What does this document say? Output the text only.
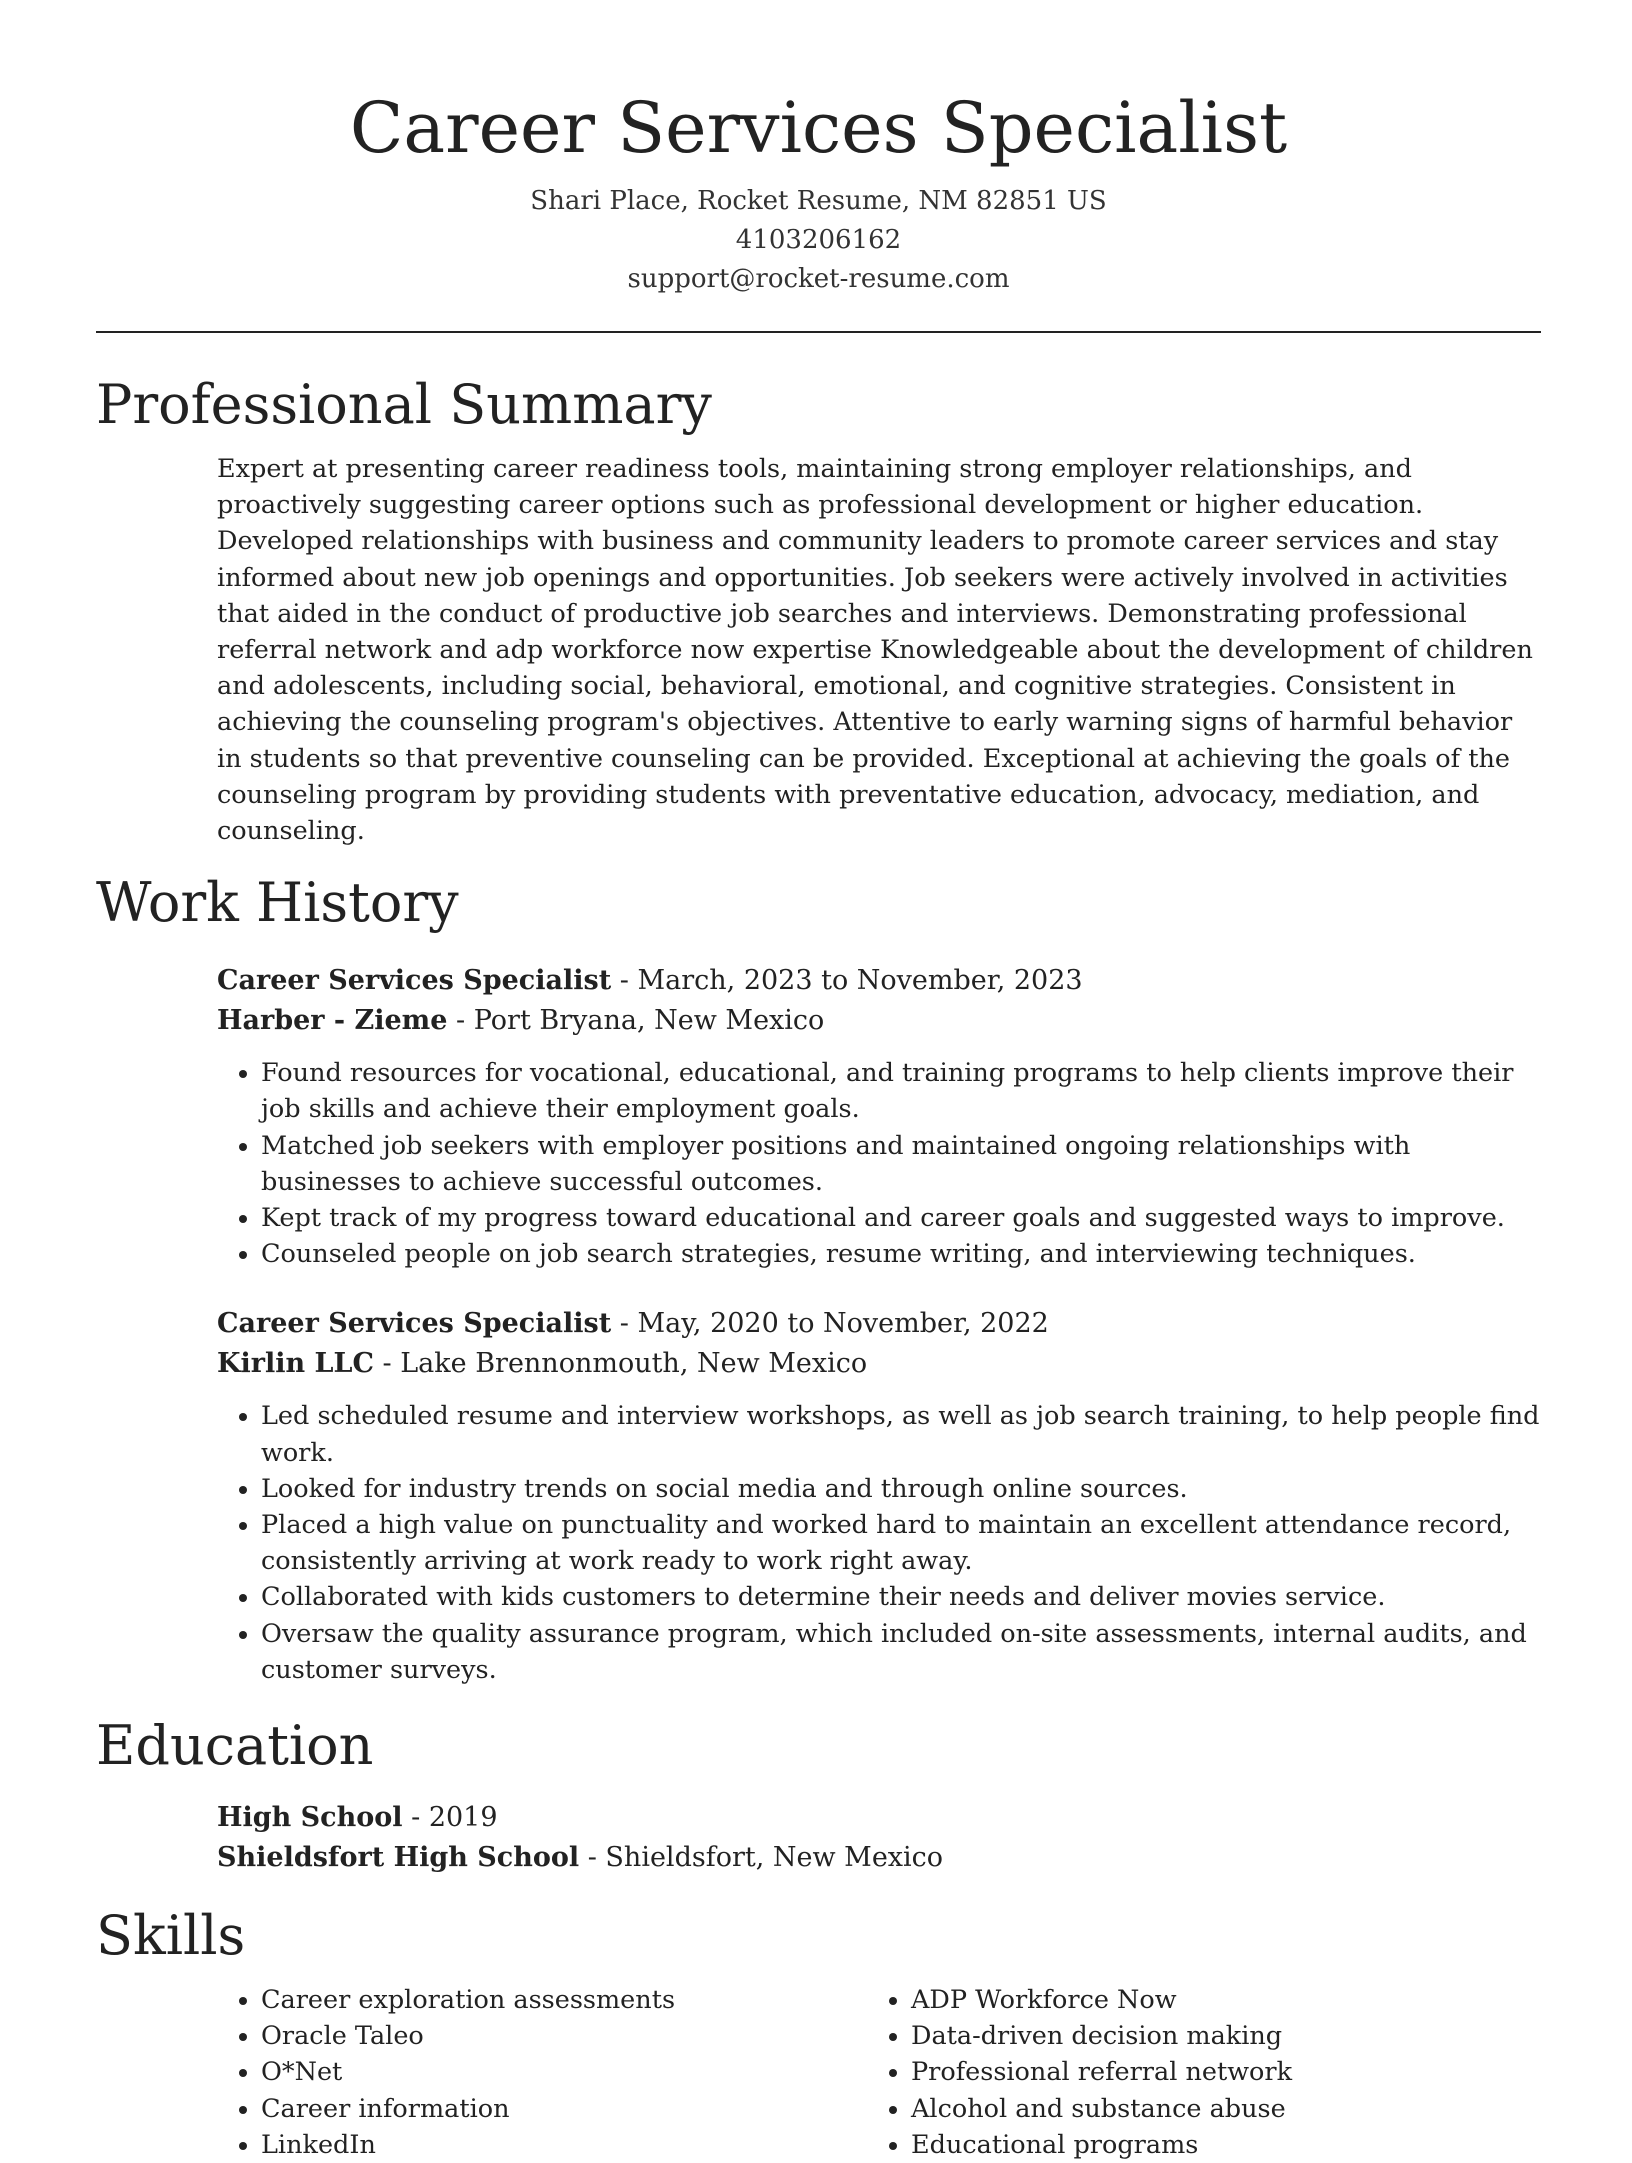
Career Services Specialist
Shari Place, Rocket Resume, NM 82851 US
4103206162
support@rocket-resume.com
Professional Summary
Expert at presenting career readiness tools, maintaining strong employer relationships, and proactively suggesting career options such as professional development or higher education. Developed relationships with business and community leaders to promote career services and stay informed about new job openings and opportunities. Job seekers were actively involved in activities that aided in the conduct of productive job searches and interviews. Demonstrating professional referral network and adp workforce now expertise Knowledgeable about the development of children and adolescents, including social, behavioral, emotional, and cognitive strategies. Consistent in achieving the counseling program's objectives. Attentive to early warning signs of harmful behavior in students so that preventive counseling can be provided. Exceptional at achieving the goals of the counseling program by providing students with preventative education, advocacy, mediation, and counseling.
Work History
Career Services Specialist - March, 2023 to November, 2023
Harber - Zieme - Port Bryana, New Mexico
• Found resources for vocational, educational, and training programs to help clients improve their job skills and achieve their employment goals.
• Matched job seekers with employer positions and maintained ongoing relationships with businesses to achieve successful outcomes.
• Kept track of my progress toward educational and career goals and suggested ways to improve.
• Counseled people on job search strategies, resume writing, and interviewing techniques.
Career Services Specialist - May, 2020 to November, 2022
Kirlin LLC - Lake Brennonmouth, New Mexico
• Led scheduled resume and interview workshops, as well as job search training, to help people find work.
• Looked for industry trends on social media and through online sources.
• Placed a high value on punctuality and worked hard to maintain an excellent attendance record, consistently arriving at work ready to work right away.
• Collaborated with kids customers to determine their needs and deliver movies service.
• Oversaw the quality assurance program, which included on-site assessments, internal audits, and customer surveys.
Education
High School - 2019
Shieldsfort High School - Shieldsfort, New Mexico
Skills
• Career exploration assessments
• Oracle Taleo
• O*Net
• Career information
• LinkedIn
• ADP Workforce Now
• Data-driven decision making
• Professional referral network
• Alcohol and substance abuse
• Educational programs
